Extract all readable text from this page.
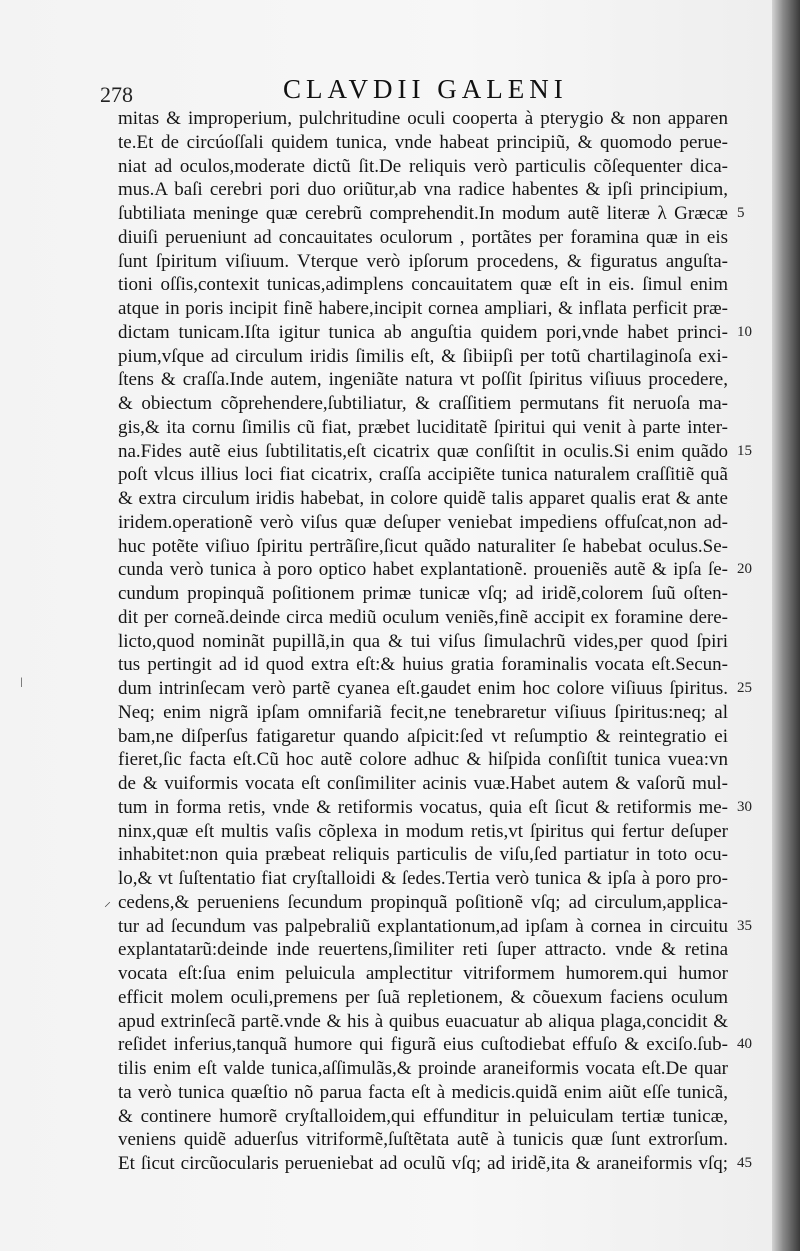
278	CLAVDII GALENI
mitas & improperium, pulchritudine oculi cooperta à pterygio & non apparen
te.Et de circúoſſali quidem tunica, vnde habeat principiũ, & quomodo perue-
niat ad oculos,moderate dictũ ſit.De reliquis verò particulis cõſequenter dica-
mus.A baſi cerebri pori duo oriũtur,ab vna radice habentes & ipſi principium,
ſubtiliata meninge quæ cerebrũ comprehendit.In modum autẽ literæ λ Græcæ
diuiſi perueniunt ad concauitates oculorum , portãtes per foramina quæ in eis
ſunt ſpiritum viſiuum. Vterque verò ipſorum procedens, & figuratus anguſta-
tioni oſſis,contexit tunicas,adimplens concauitatem quæ eſt in eis. ſimul enim
atque in poris incipit finẽ habere,incipit cornea ampliari, & inflata perficit præ-
dictam tunicam.Iſta igitur tunica ab anguſtia quidem pori,vnde habet princi-
pium,vſque ad circulum iridis ſimilis eſt, & ſibiipſi per totũ chartilaginoſa exi-
ſtens & craſſa.Inde autem, ingeniãte natura vt poſſit ſpiritus viſiuus procedere,
& obiectum cõprehendere,ſubtiliatur, & craſſitiem permutans fit neruoſa ma-
gis,& ita cornu ſimilis cũ fiat, præbet luciditatẽ ſpiritui qui venit à parte inter-
na.Fides autẽ eius ſubtilitatis,eſt cicatrix quæ conſiſtit in oculis.Si enim quãdo
poſt vlcus illius loci fiat cicatrix, craſſa accipiẽte tunica naturalem craſſitiẽ quã
& extra circulum iridis habebat, in colore quidẽ talis apparet qualis erat & ante
iridem.operationẽ verò viſus quæ deſuper veniebat impediens offuſcat,non ad-
huc potẽte viſiuo ſpiritu pertrãſire,ſicut quãdo naturaliter ſe habebat oculus.Se-
cunda verò tunica à poro optico habet explantationẽ. proueniẽs autẽ & ipſa ſe-
cundum propinquã poſitionem primæ tunicæ vſq; ad iridẽ,colorem ſuũ oſten-
dit per corneã.deinde circa mediũ oculum veniẽs,finẽ accipit ex foramine dere-
licto,quod nominãt pupillã,in qua & tui viſus ſimulachrũ vides,per quod ſpiri
tus pertingit ad id quod extra eſt:& huius gratia foraminalis vocata eſt.Secun-
dum intrinſecam verò partẽ cyanea eſt.gaudet enim hoc colore viſiuus ſpiritus.
Neq; enim nigrã ipſam omnifariã fecit,ne tenebraretur viſiuus ſpiritus:neq; al
bam,ne diſperſus fatigaretur quando aſpicit:ſed vt reſumptio & reintegratio ei
fieret,ſic facta eſt.Cũ hoc autẽ colore adhuc & hiſpida conſiſtit tunica vuea:vn
de & vuiformis vocata eſt conſimiliter acinis vuæ.Habet autem & vaſorũ mul-
tum in forma retis, vnde & retiformis vocatus, quia eſt ſicut & retiformis me-
ninx,quæ eſt multis vaſis cõplexa in modum retis,vt ſpiritus qui fertur deſuper
inhabitet:non quia præbeat reliquis particulis de viſu,ſed partiatur in toto ocu-
lo,& vt ſuſtentatio fiat cryſtalloidi & ſedes.Tertia verò tunica & ipſa à poro pro-
cedens,& perueniens ſecundum propinquã poſitionẽ vſq; ad circulum,applica-
tur ad ſecundum vas palpebraliũ explantationum,ad ipſam à cornea in circuitu
explantatarũ:deinde inde reuertens,ſimiliter reti ſuper attracto. vnde & retina
vocata eſt:ſua enim peluicula amplectitur vitriformem humorem.qui humor
efficit molem oculi,premens per ſuã repletionem, & cõuexum faciens oculum
apud extrinſecã partẽ.vnde & his à quibus euacuatur ab aliqua plaga,concidit &
reſidet inferius,tanquã humore qui figurã eius cuſtodiebat effuſo & exciſo.ſub-
tilis enim eſt valde tunica,aſſimulãs,& proinde araneiformis vocata eſt.De quar
ta verò tunica quæſtio nõ parua facta eſt à medicis.quidã enim aiũt eſſe tunicã,
& continere humorẽ cryſtalloidem,qui effunditur in peluiculam tertiæ tunicæ,
veniens quidẽ aduerſus vitriformẽ,ſuſtẽtata autẽ à tunicis quæ ſunt extrorſum.
Et ſicut circũocularis perueniebat ad oculũ vſq; ad iridẽ,ita & araneiformis vſq;
5
10
15
20
25
30
35
40
45
ǀ
⸝
